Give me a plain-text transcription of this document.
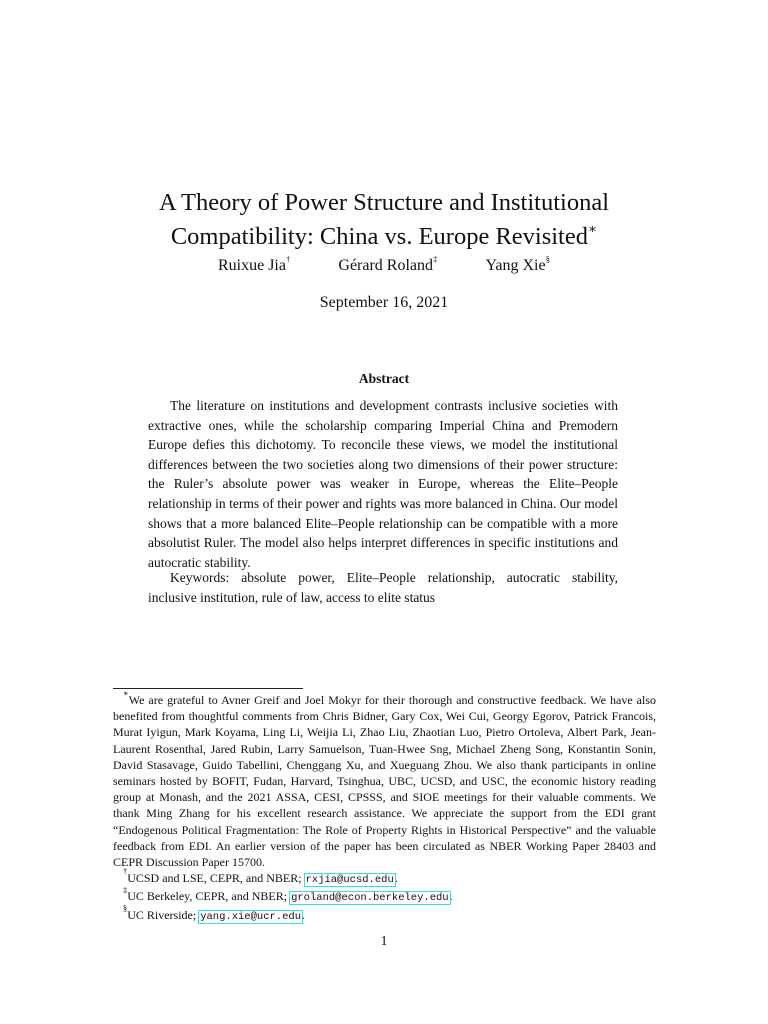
A Theory of Power Structure and Institutional
Compatibility: China vs. Europe Revisited∗
Ruixue Jia†	Gérard Roland‡	Yang Xie§
September 16, 2021
Abstract

The literature on institutions and development contrasts inclusive societies with extractive ones, while the scholarship comparing Imperial China and Premodern Europe defies this dichotomy. To reconcile these views, we model the institutional differences between the two societies along two dimensions of their power structure: the Ruler’s absolute power was weaker in Europe, whereas the Elite–People relationship in terms of their power and rights was more balanced in China. Our model shows that a more balanced Elite–People relationship can be compatible with a more absolutist Ruler. The model also helps interpret differences in specific institutions and autocratic stability.

Keywords: absolute power, Elite–People relationship, autocratic stability, inclusive institution, rule of law, access to elite status

∗We are grateful to Avner Greif and Joel Mokyr for their thorough and constructive feedback. We have also benefited from thoughtful comments from Chris Bidner, Gary Cox, Wei Cui, Georgy Egorov, Patrick Francois, Murat Iyigun, Mark Koyama, Ling Li, Weijia Li, Zhao Liu, Zhaotian Luo, Pietro Ortoleva, Albert Park, Jean-Laurent Rosenthal, Jared Rubin, Larry Samuelson, Tuan-Hwee Sng, Michael Zheng Song, Konstantin Sonin, David Stasavage, Guido Tabellini, Chenggang Xu, and Xueguang Zhou. We also thank participants in online seminars hosted by BOFIT, Fudan, Harvard, Tsinghua, UBC, UCSD, and USC, the economic history reading group at Monash, and the 2021 ASSA, CESI, CPSSS, and SIOE meetings for their valuable comments. We thank Ming Zhang for his excellent research assistance. We appreciate the support from the EDI grant “Endogenous Political Fragmentation: The Role of Property Rights in Historical Perspective” and the valuable feedback from EDI. An earlier version of the paper has been circulated as NBER Working Paper 28403 and CEPR Discussion Paper 15700.

†UCSD and LSE, CEPR, and NBER; rxjia@ucsd.edu.

‡UC Berkeley, CEPR, and NBER; groland@econ.berkeley.edu.

§UC Riverside; yang.xie@ucr.edu.

1
